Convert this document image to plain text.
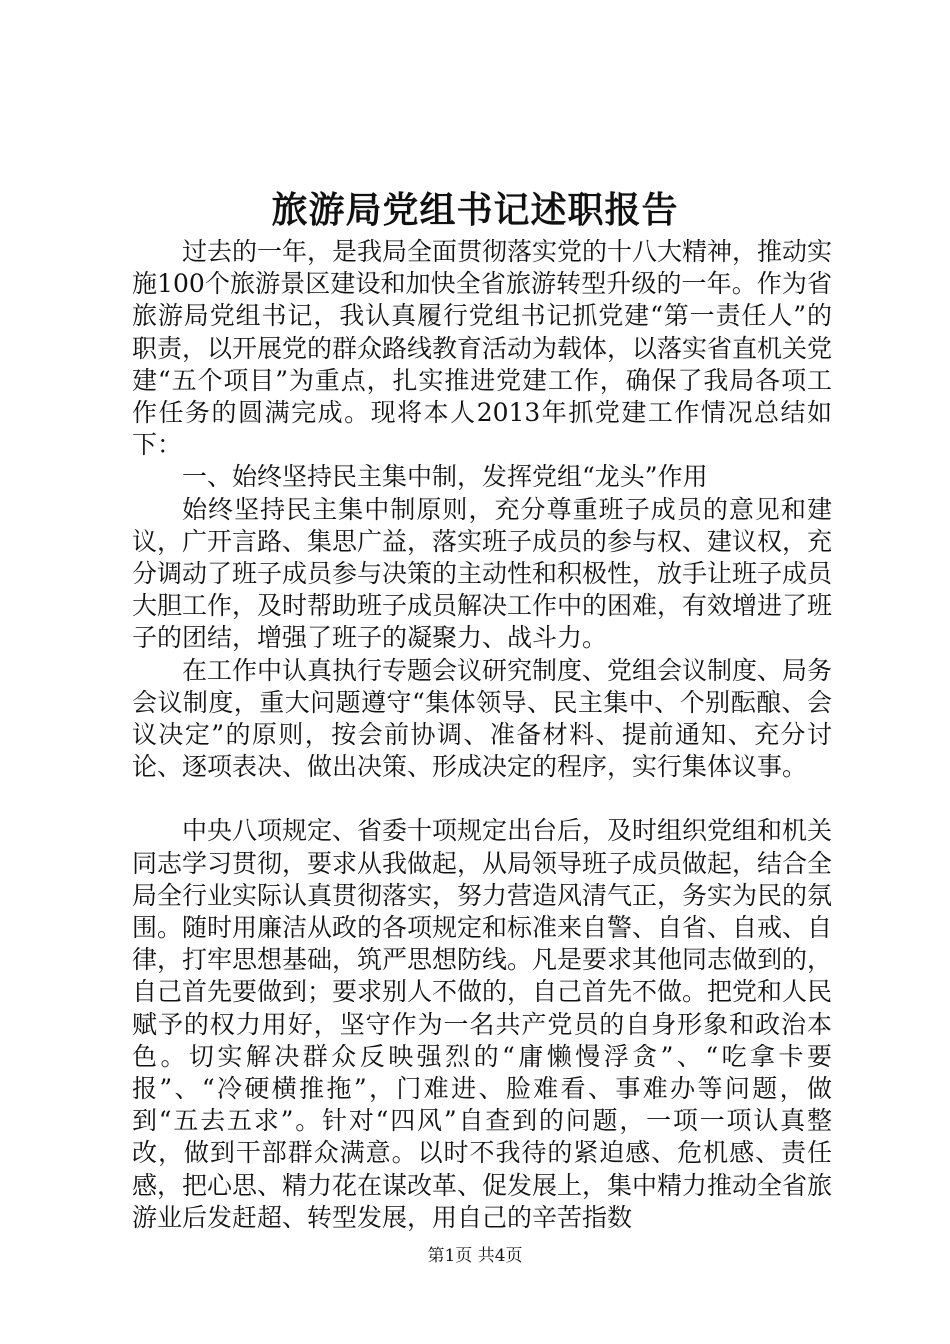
旅游局党组书记述职报告

过去的一年，是我局全面贯彻落实党的十八大精神，推动实施100个旅游景区建设和加快全省旅游转型升级的一年。作为省旅游局党组书记，我认真履行党组书记抓党建“第一责任人”的职责，以开展党的群众路线教育活动为载体，以落实省直机关党建“五个项目”为重点，扎实推进党建工作，确保了我局各项工作任务的圆满完成。现将本人2013年抓党建工作情况总结如下：

一、始终坚持民主集中制，发挥党组“龙头”作用

始终坚持民主集中制原则，充分尊重班子成员的意见和建议，广开言路、集思广益，落实班子成员的参与权、建议权，充分调动了班子成员参与决策的主动性和积极性，放手让班子成员大胆工作，及时帮助班子成员解决工作中的困难，有效增进了班子的团结，增强了班子的凝聚力、战斗力。

在工作中认真执行专题会议研究制度、党组会议制度、局务会议制度，重大问题遵守“集体领导、民主集中、个别酝酿、会议决定”的原则，按会前协调、准备材料、提前通知、充分讨论、逐项表决、做出决策、形成决定的程序，实行集体议事。

中央八项规定、省委十项规定出台后，及时组织党组和机关同志学习贯彻，要求从我做起，从局领导班子成员做起，结合全局全行业实际认真贯彻落实，努力营造风清气正，务实为民的氛围。随时用廉洁从政的各项规定和标准来自警、自省、自戒、自律，打牢思想基础，筑严思想防线。凡是要求其他同志做到的，自己首先要做到；要求别人不做的，自己首先不做。把党和人民赋予的权力用好，坚守作为一名共产党员的自身形象和政治本色。切实解决群众反映强烈的“庸懒慢浮贪”、“吃拿卡要报”、“冷硬横推拖”，门难进、脸难看、事难办等问题，做到“五去五求”。针对“四风”自查到的问题，一项一项认真整改，做到干部群众满意。以时不我待的紧迫感、危机感、责任感，把心思、精力花在谋改革、促发展上，集中精力推动全省旅游业后发赶超、转型发展，用自己的辛苦指数

第1页 共4页
